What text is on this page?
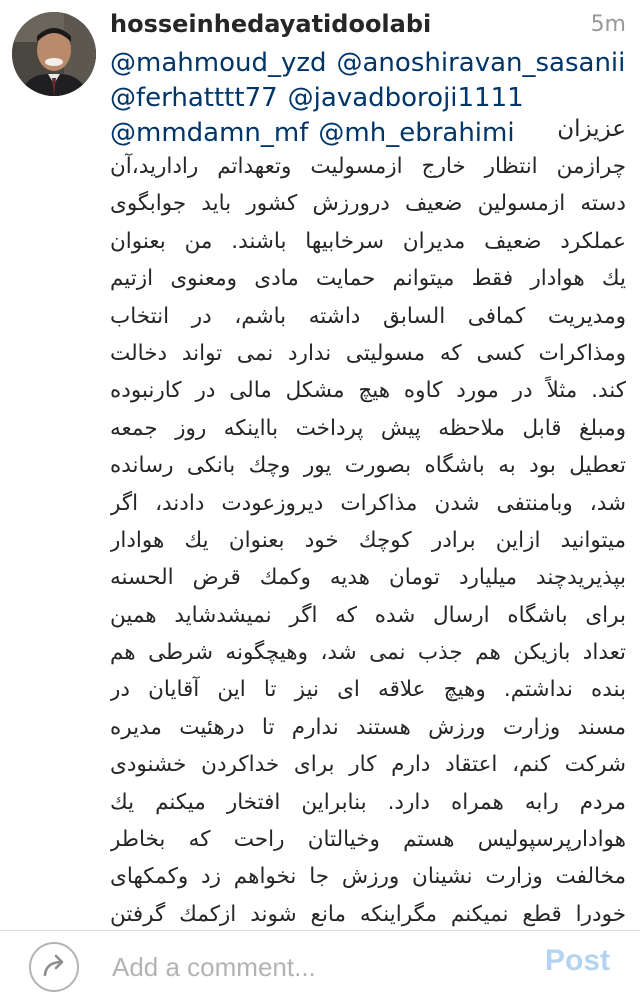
hosseinhedayatidoolabi	5m
@mahmoud_yzd @anoshiravan_sasanii
@ferhatttt77 @javadboroji1111
@mmdamn_mf @mh_ebrahimi	عزیزان
چرازمن انتظار خارج ازمسولیت وتعهداتم رادارید،آن
دسته ازمسولین ضعیف درورزش کشور باید جوابگوی
عملکرد ضعیف مدیران سرخابیها باشند. من بعنوان
یك هوادار فقط میتوانم حمایت مادی ومعنوی ازتیم
ومدیریت کمافی السابق داشته باشم، در انتخاب
ومذاکرات کسی که مسولیتی ندارد نمی تواند دخالت
کند. مثلاً در مورد کاوه هیچ مشکل مالی در کارنبوده
ومبلغ قابل ملاحظه پیش پرداخت بااینکه روز جمعه
تعطیل بود به باشگاه بصورت یور وچك بانکی رسانده
شد، وبامنتفی شدن مذاکرات دیروزعودت دادند، اگر
میتوانید ازاین برادر کوچك خود بعنوان یك هوادار
بپذیریدچند میلیارد تومان هدیه وکمك قرض الحسنه
برای باشگاه ارسال شده که اگر نمیشدشاید همین
تعداد بازیکن هم جذب نمی شد، وهیچگونه شرطی هم
بنده نداشتم. وهیچ علاقه ای نیز تا این آقایان در
مسند وزارت ورزش هستند ندارم تا درهئیت مدیره
شرکت کنم، اعتقاد دارم کار برای خداکردن خشنودی
مردم رابه همراه دارد. بنابراین افتخار میکنم یك
هوادارپرسپولیس هستم وخیالتان راحت که بخاطر
مخالفت وزارت نشینان ورزش جا نخواهم زد وکمکهای
خودرا قطع نمیکنم مگراینکه مانع شوند ازکمك گرفتن
Add a comment...
Post
